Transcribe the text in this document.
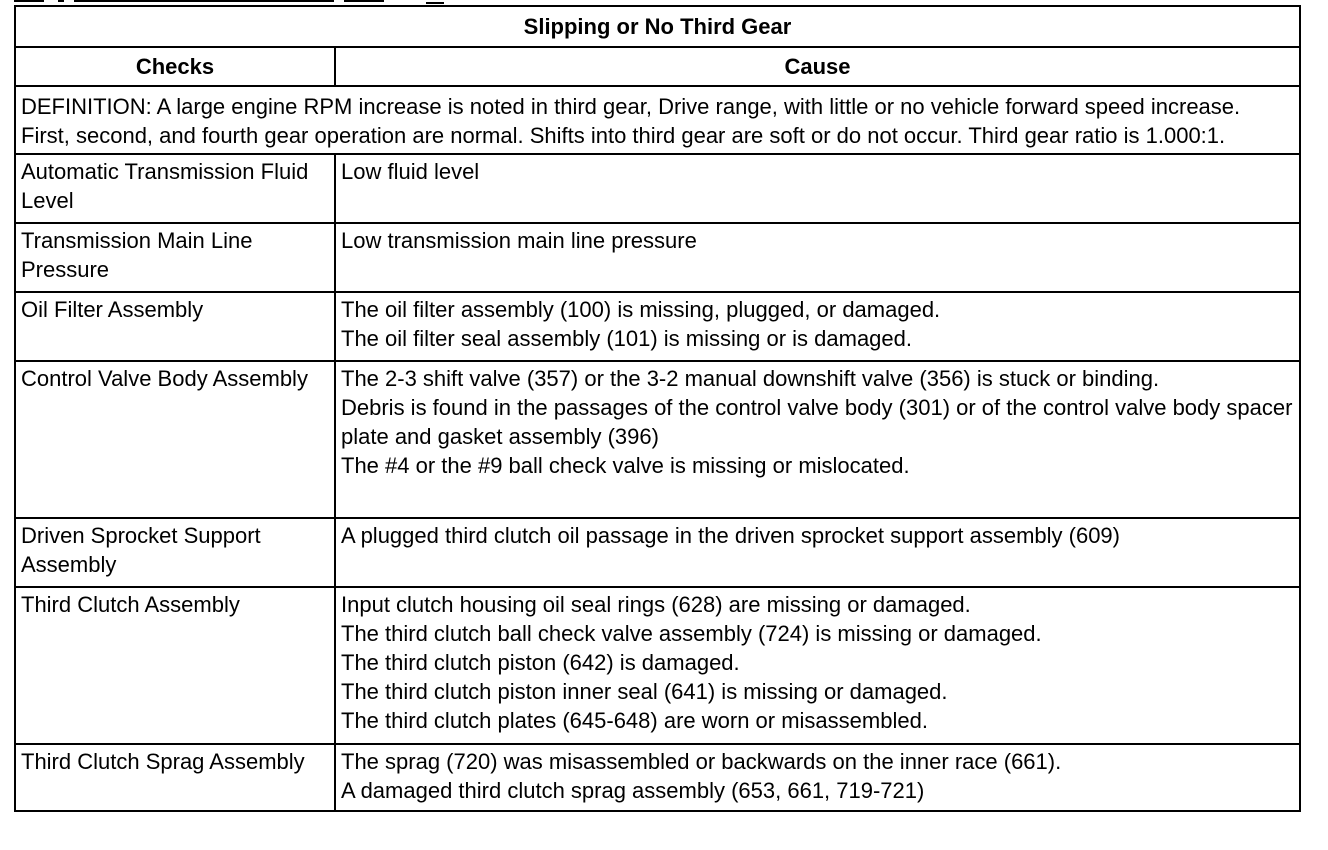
Slipping or No Third Gear	
Checks	Cause
DEFINITION: A large engine RPM increase is noted in third gear, Drive range, with little or no vehicle forward speed increase. First, second, and fourth gear operation are normal. Shifts into third gear are soft or do not occur. Third gear ratio is 1.000:1.	
Automatic Transmission Fluid Level	Low fluid level

Transmission Main Line Pressure	Low transmission main line pressure

Oil Filter Assembly	The oil filter assembly (100) is missing, plugged, or damaged.
The oil filter seal assembly (101) is missing or is damaged.

Control Valve Body Assembly	The 2-3 shift valve (357) or the 3-2 manual downshift valve (356) is stuck or binding.
Debris is found in the passages of the control valve body (301) or of the control valve body spacer plate and gasket assembly (396)
The #4 or the #9 ball check valve is missing or mislocated.

Driven Sprocket Support Assembly	A plugged third clutch oil passage in the driven sprocket support assembly (609)

Third Clutch Assembly	Input clutch housing oil seal rings (628) are missing or damaged.
The third clutch ball check valve assembly (724) is missing or damaged.
The third clutch piston (642) is damaged.
The third clutch piston inner seal (641) is missing or damaged.
The third clutch plates (645-648) are worn or misassembled.

Third Clutch Sprag Assembly	The sprag (720) was misassembled or backwards on the inner race (661).
A damaged third clutch sprag assembly (653, 661, 719-721)
